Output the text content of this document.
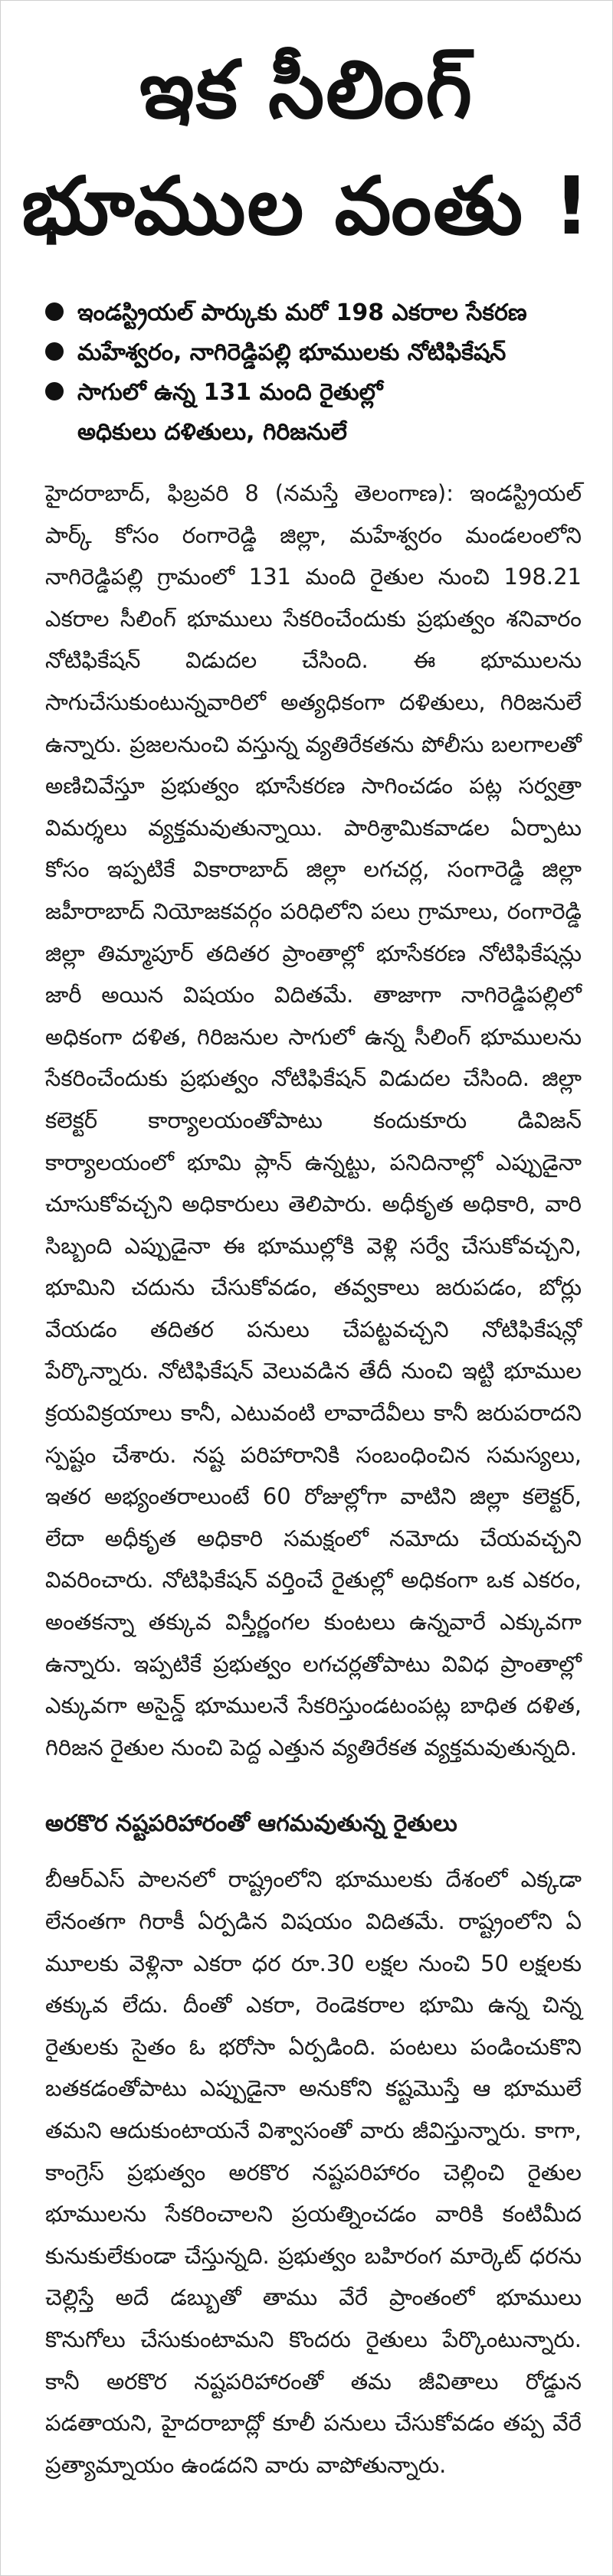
ఇక సీలింగ్
భూముల వంతు !
ఇండస్ట్రియల్ పార్కుకు మరో 198 ఎకరాల సేకరణ
మహేశ్వరం, నాగిరెడ్డిపల్లి భూములకు నోటిఫికేషన్
సాగులో ఉన్న 131 మంది రైతుల్లో
అధికులు దళితులు, గిరిజనులే

హైదరాబాద్, ఫిబ్రవరి 8 (నమస్తే తెలంగాణ): ఇండస్ట్రియల్ పార్క్ కోసం రంగారెడ్డి జిల్లా, మహేశ్వరం మండలంలోని నాగిరెడ్డిపల్లి గ్రామంలో 131 మంది రైతుల నుంచి 198.21 ఎకరాల సీలింగ్ భూములు సేకరించేందుకు ప్రభుత్వం శనివారం నోటిఫికేషన్ విడుదల చేసింది. ఈ భూములను సాగుచేసుకుంటున్నవారిలో అత్యధికంగా దళితులు, గిరిజనులే ఉన్నారు. ప్రజలనుంచి వస్తున్న వ్యతిరేకతను పోలీసు బలగాలతో అణిచివేస్తూ ప్రభుత్వం భూసేకరణ సాగించడం పట్ల సర్వత్రా విమర్శలు వ్యక్తమవుతున్నాయి. పారిశ్రామికవాడల ఏర్పాటు కోసం ఇప్పటికే వికారాబాద్ జిల్లా లగచర్ల, సంగారెడ్డి జిల్లా జహీరాబాద్ నియోజకవర్గం పరిధిలోని పలు గ్రామాలు, రంగారెడ్డి జిల్లా తిమ్మాపూర్ తదితర ప్రాంతాల్లో భూసేకరణ నోటిఫికేషన్లు జారీ అయిన విషయం విదితమే. తాజాగా నాగిరెడ్డిపల్లిలో అధికంగా దళిత, గిరిజనుల సాగులో ఉన్న సీలింగ్ భూములను సేకరించేందుకు ప్రభుత్వం నోటిఫికేషన్ విడుదల చేసింది. జిల్లా కలెక్టర్ కార్యాలయంతోపాటు కందుకూరు డివిజన్ కార్యాలయంలో భూమి ప్లాన్ ఉన్నట్టు, పనిదినాల్లో ఎప్పుడైనా చూసుకోవచ్చని అధికారులు తెలిపారు. అధీకృత అధికారి, వారి సిబ్బంది ఎప్పుడైనా ఈ భూముల్లోకి వెళ్లి సర్వే చేసుకోవచ్చని, భూమిని చదును చేసుకోవడం, తవ్వకాలు జరుపడం, బోర్లు వేయడం తదితర పనులు చేపట్టవచ్చని నోటిఫికేషన్లో పేర్కొన్నారు. నోటిఫికేషన్ వెలువడిన తేదీ నుంచి ఇట్టి భూముల క్రయవిక్రయాలు కానీ, ఎటువంటి లావాదేవీలు కానీ జరుపరాదని స్పష్టం చేశారు. నష్ట పరిహారానికి సంబంధించిన సమస్యలు, ఇతర అభ్యంతరాలుంటే 60 రోజుల్లోగా వాటిని జిల్లా కలెక్టర్, లేదా అధీకృత అధికారి సమక్షంలో నమోదు చేయవచ్చని వివరించారు. నోటిఫికేషన్ వర్తించే రైతుల్లో అధికంగా ఒక ఎకరం, అంతకన్నా తక్కువ విస్తీర్ణంగల కుంటలు ఉన్నవారే ఎక్కువగా ఉన్నారు. ఇప్పటికే ప్రభుత్వం లగచర్లతోపాటు వివిధ ప్రాంతాల్లో ఎక్కువగా అసైన్డ్ భూములనే సేకరిస్తుండటంపట్ల బాధిత దళిత, గిరిజన రైతుల నుంచి పెద్ద ఎత్తున వ్యతిరేకత వ్యక్తమవుతున్నది.

అరకొర నష్టపరిహారంతో ఆగమవుతున్న రైతులు

బీఆర్ఎస్ పాలనలో రాష్ట్రంలోని భూములకు దేశంలో ఎక్కడా లేనంతగా గిరాకీ ఏర్పడిన విషయం విదితమే. రాష్ట్రంలోని ఏ మూలకు వెళ్లినా ఎకరా ధర రూ.30 లక్షల నుంచి 50 లక్షలకు తక్కువ లేదు. దీంతో ఎకరా, రెండెకరాల భూమి ఉన్న చిన్న రైతులకు సైతం ఓ భరోసా ఏర్పడింది. పంటలు పండించుకొని బతకడంతోపాటు ఎప్పుడైనా అనుకోని కష్టమొస్తే ఆ భూములే తమని ఆదుకుంటాయనే విశ్వాసంతో వారు జీవిస్తున్నారు. కాగా, కాంగ్రెస్ ప్రభుత్వం అరకొర నష్టపరిహారం చెల్లించి రైతుల భూములను సేకరించాలని ప్రయత్నించడం వారికి కంటిమీద కునుకులేకుండా చేస్తున్నది. ప్రభుత్వం బహిరంగ మార్కెట్ ధరను చెల్లిస్తే అదే డబ్బుతో తాము వేరే ప్రాంతంలో భూములు కొనుగోలు చేసుకుంటామని కొందరు రైతులు పేర్కొంటున్నారు. కానీ అరకొర నష్టపరిహారంతో తమ జీవితాలు రోడ్డున పడతాయని, హైదరాబాద్లో కూలీ పనులు చేసుకోవడం తప్ప వేరే ప్రత్యామ్నాయం ఉండదని వారు వాపోతున్నారు.
